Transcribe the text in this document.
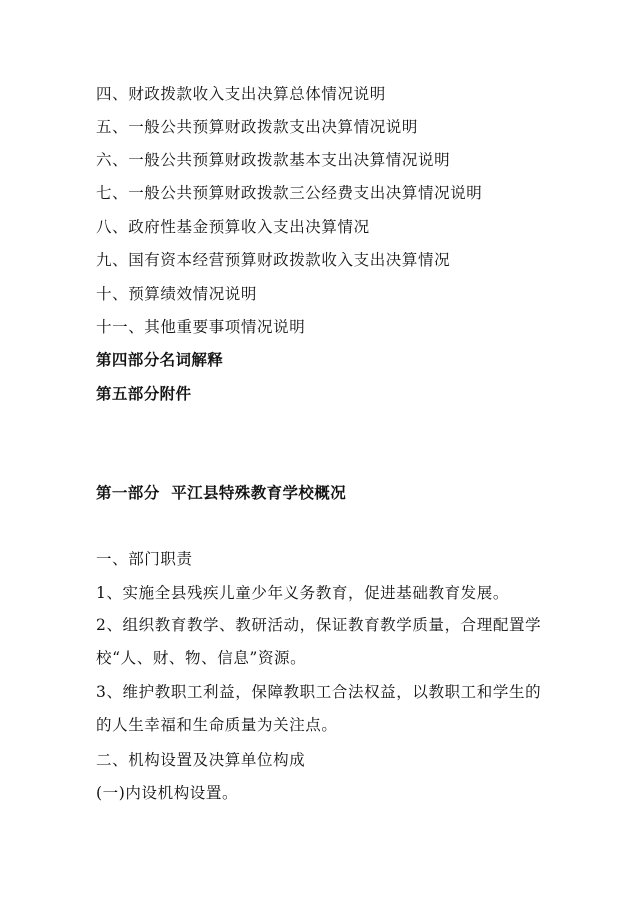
四、财政拨款收入支出决算总体情况说明
五、一般公共预算财政拨款支出决算情况说明
六、一般公共预算财政拨款基本支出决算情况说明
七、一般公共预算财政拨款三公经费支出决算情况说明
八、政府性基金预算收入支出决算情况
九、国有资本经营预算财政拨款收入支出决算情况
十、预算绩效情况说明
十一、其他重要事项情况说明
第四部分名词解释
第五部分附件
第一部分  平江县特殊教育学校概况
一、部门职责
1、实施全县残疾儿童少年义务教育，促进基础教育发展。
2、组织教育教学、教研活动，保证教育教学质量，合理配置学校“人、财、物、信息”资源。
3、维护教职工利益，保障教职工合法权益，以教职工和学生的的人生幸福和生命质量为关注点。
二、机构设置及决算单位构成
(一)内设机构设置。
